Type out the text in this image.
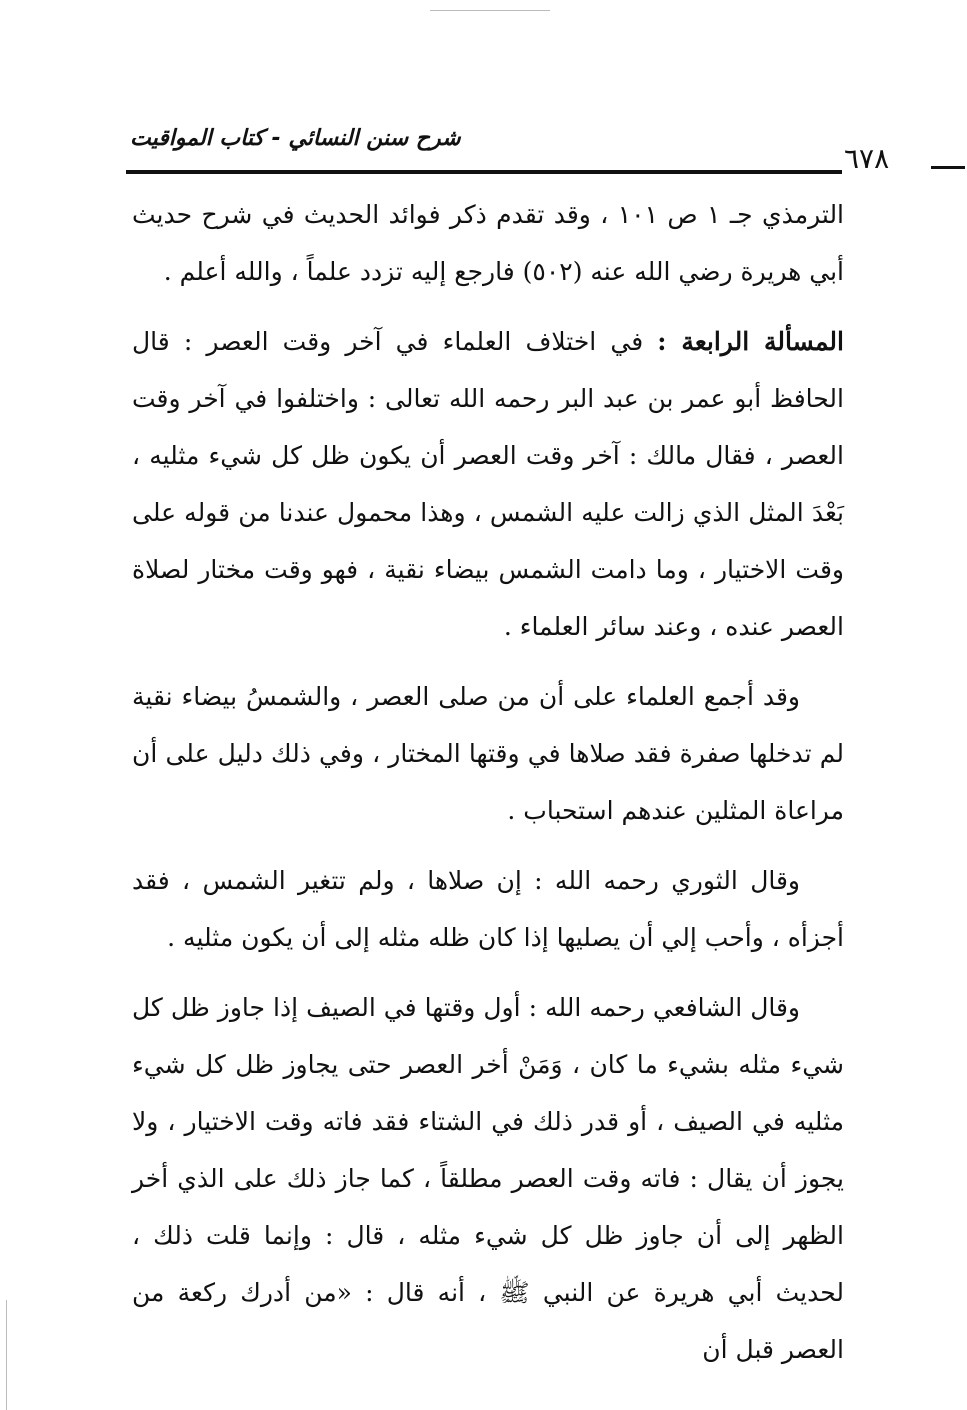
شرح سنن النسائي - كتاب المواقيت
٦٧٨

الترمذي جـ ١ ص ١٠١ ، وقد تقدم ذكر فوائد الحديث في شرح حديث أبي هريرة رضي الله عنه (٥٠٢) فارجع إليه تزدد علماً ، والله أعلم .

المسألة الرابعة : في اختلاف العلماء في آخر وقت العصر : قال الحافظ أبو عمر بن عبد البر رحمه الله تعالى : واختلفوا في آخر وقت العصر ، فقال مالك : آخر وقت العصر أن يكون ظل كل شيء مثليه ، بَعْدَ المثل الذي زالت عليه الشمس ، وهذا محمول عندنا من قوله على وقت الاختيار ، وما دامت الشمس بيضاء نقية ، فهو وقت مختار لصلاة العصر عنده ، وعند سائر العلماء .

وقد أجمع العلماء على أن من صلى العصر ، والشمسُ بيضاء نقية لم تدخلها صفرة فقد صلاها في وقتها المختار ، وفي ذلك دليل على أن مراعاة المثلين عندهم استحباب .

وقال الثوري رحمه الله : إن صلاها ، ولم تتغير الشمس ، فقد أجزأه ، وأحب إلي أن يصليها إذا كان ظله مثله إلى أن يكون مثليه .

وقال الشافعي رحمه الله : أول وقتها في الصيف إذا جاوز ظل كل شيء مثله بشيء ما كان ، وَمَنْ أخر العصر حتى يجاوز ظل كل شيء مثليه في الصيف ، أو قدر ذلك في الشتاء فقد فاته وقت الاختيار ، ولا يجوز أن يقال : فاته وقت العصر مطلقاً ، كما جاز ذلك على الذي أخر الظهر إلى أن جاوز ظل كل شيء مثله ، قال : وإنما قلت ذلك ، لحديث أبي هريرة عن النبي ﷺ ، أنه قال : «من أدرك ركعة من العصر قبل أن
